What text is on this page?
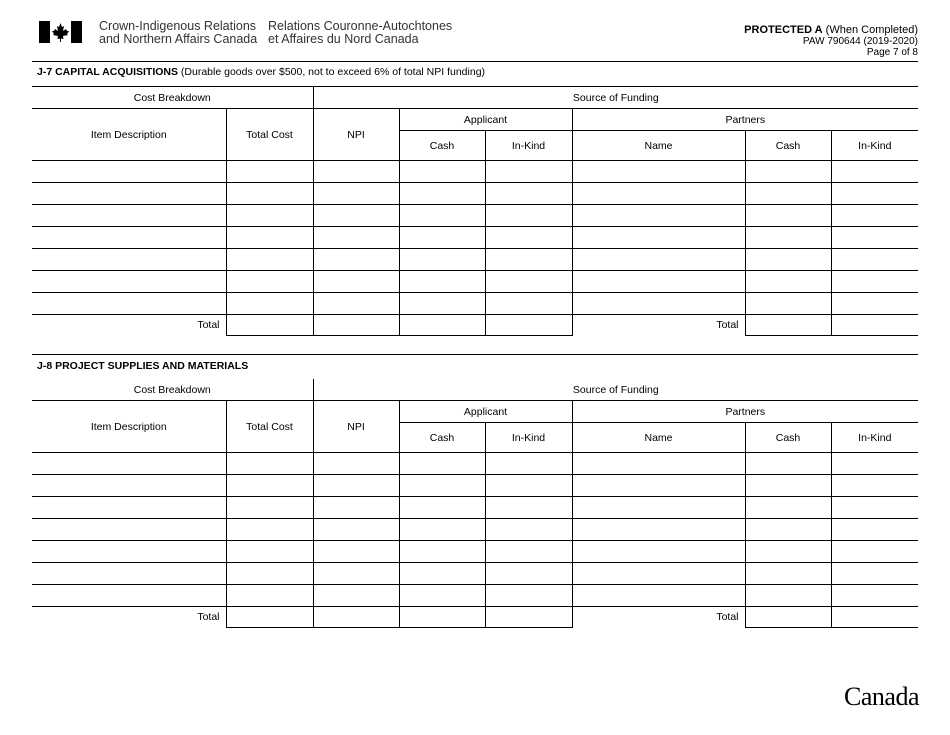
Crown-Indigenous Relations
and Northern Affairs Canada
Relations Couronne-Autochtones
et Affaires du Nord Canada
PROTECTED A (When Completed)
PAW 790644 (2019-2020)
Page 7 of 8
J-7 CAPITAL ACQUISITIONS (Durable goods over $500, not to exceed 6% of total NPI funding)
Cost Breakdown		Source of Funding					
Item Description	Total Cost	NPI	Applicant		Partners		
			Cash	In-Kind	Name	Cash	In-Kind

Total					Total		
J-8 PROJECT SUPPLIES AND MATERIALS
Cost Breakdown		Source of Funding					
Item Description	Total Cost	NPI	Applicant		Partners		
			Cash	In-Kind	Name	Cash	In-Kind

Total					Total		
Canada
